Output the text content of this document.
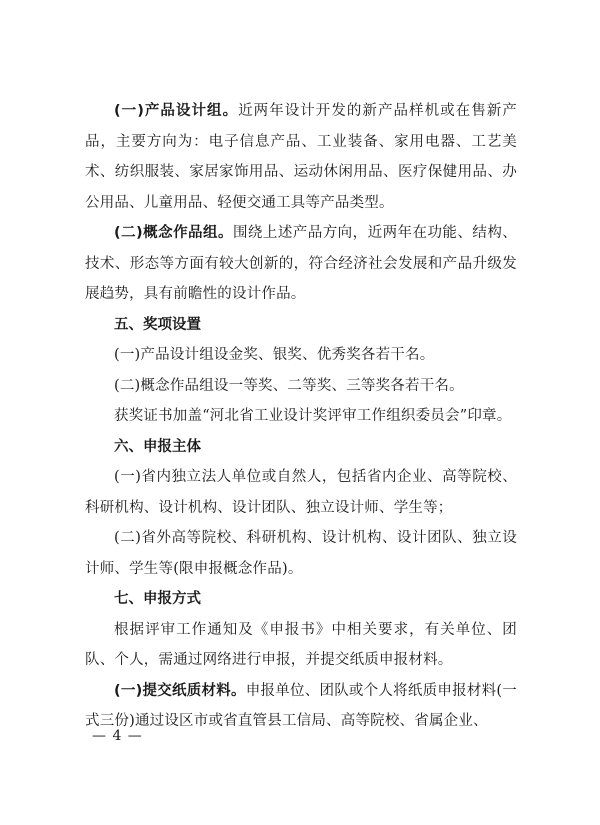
(一)产品设计组。近两年设计开发的新产品样机或在售新产品，主要方向为：电子信息产品、工业装备、家用电器、工艺美术、纺织服装、家居家饰用品、运动休闲用品、医疗保健用品、办公用品、儿童用品、轻便交通工具等产品类型。

(二)概念作品组。围绕上述产品方向，近两年在功能、结构、技术、形态等方面有较大创新的，符合经济社会发展和产品升级发展趋势，具有前瞻性的设计作品。

五、奖项设置

(一)产品设计组设金奖、银奖、优秀奖各若干名。

(二)概念作品组设一等奖、二等奖、三等奖各若干名。

获奖证书加盖“河北省工业设计奖评审工作组织委员会”印章。

六、申报主体

(一)省内独立法人单位或自然人，包括省内企业、高等院校、科研机构、设计机构、设计团队、独立设计师、学生等；

(二)省外高等院校、科研机构、设计机构、设计团队、独立设计师、学生等(限申报概念作品)。

七、申报方式

根据评审工作通知及《申报书》中相关要求，有关单位、团队、个人，需通过网络进行申报，并提交纸质申报材料。

(一)提交纸质材料。申报单位、团队或个人将纸质申报材料(一式三份)通过设区市或省直管县工信局、高等院校、省属企业、

— 4 —
